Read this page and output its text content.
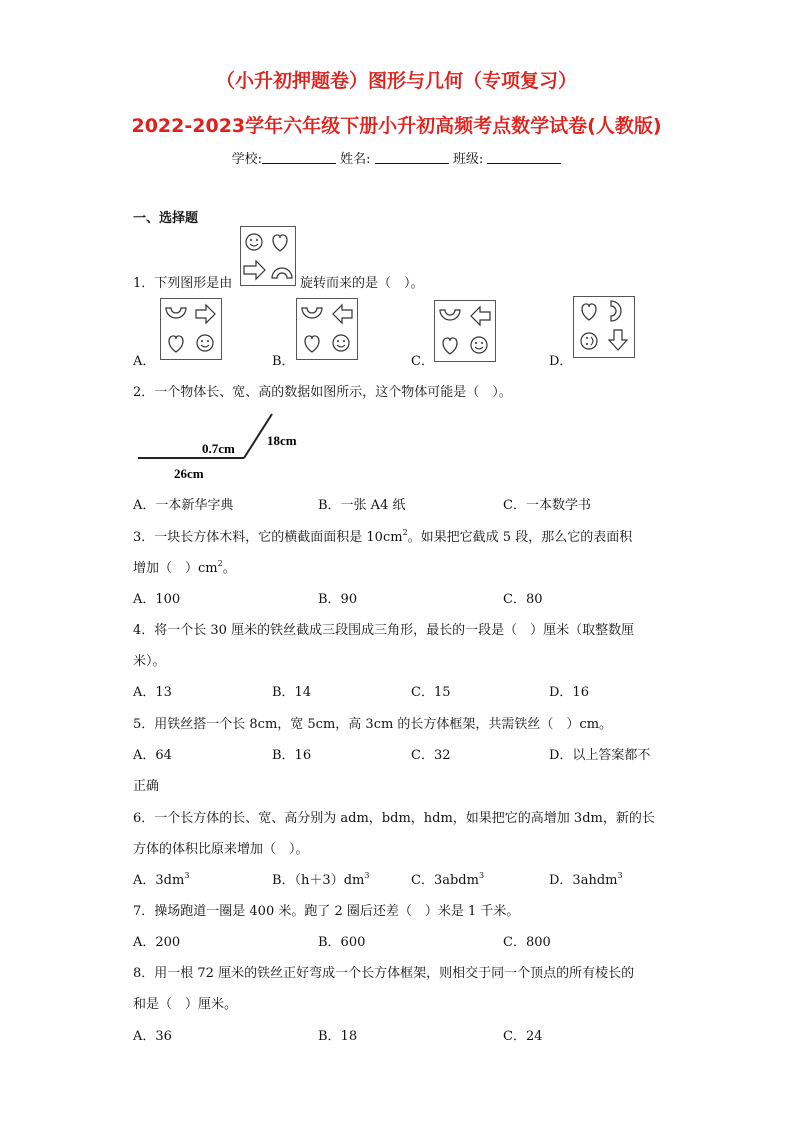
（小升初押题卷）图形与几何（专项复习）
2022-2023学年六年级下册小升初高频考点数学试卷(人教版)
学校:	姓名:	班级:
一、选择题
1．下列图形是由	旋转而来的是（　）。
A．	B．	C．	D．
2．一个物体长、宽、高的数据如图所示，这个物体可能是（　）。
0.7cm
18cm
26cm
A．一本新华字典	B．一张 A4 纸	C．一本数学书
3．一块长方体木料，它的横截面面积是 $10cm^2$。如果把它截成 5 段，那么它的表面积
增加（　）$cm^2$。
A．100	B．90	C．80
4．将一个长 30 厘米的铁丝截成三段围成三角形，最长的一段是（　）厘米（取整数厘
米）。
A．13	B．14	C．15	D．16
5．用铁丝搭一个长 8cm，宽 5cm，高 3cm 的长方体框架，共需铁丝（　）cm。
A．64	B．16	C．32	D．以上答案都不
正确
6．一个长方体的长、宽、高分别为 adm，bdm，hdm，如果把它的高增加 3dm，新的长
方体的体积比原来增加（　）。
A．$3dm^3$	B．$(h+3)dm^3$	C．3abdm$^3$	D．3ahdm$^3$
7．操场跑道一圈是 400 米。跑了 2 圈后还差（　）米是 1 千米。
A．200	B．600	C．800
8．用一根 72 厘米的铁丝正好弯成一个长方体框架，则相交于同一个顶点的所有棱长的
和是（　）厘米。
A．36	B．18	C．24
